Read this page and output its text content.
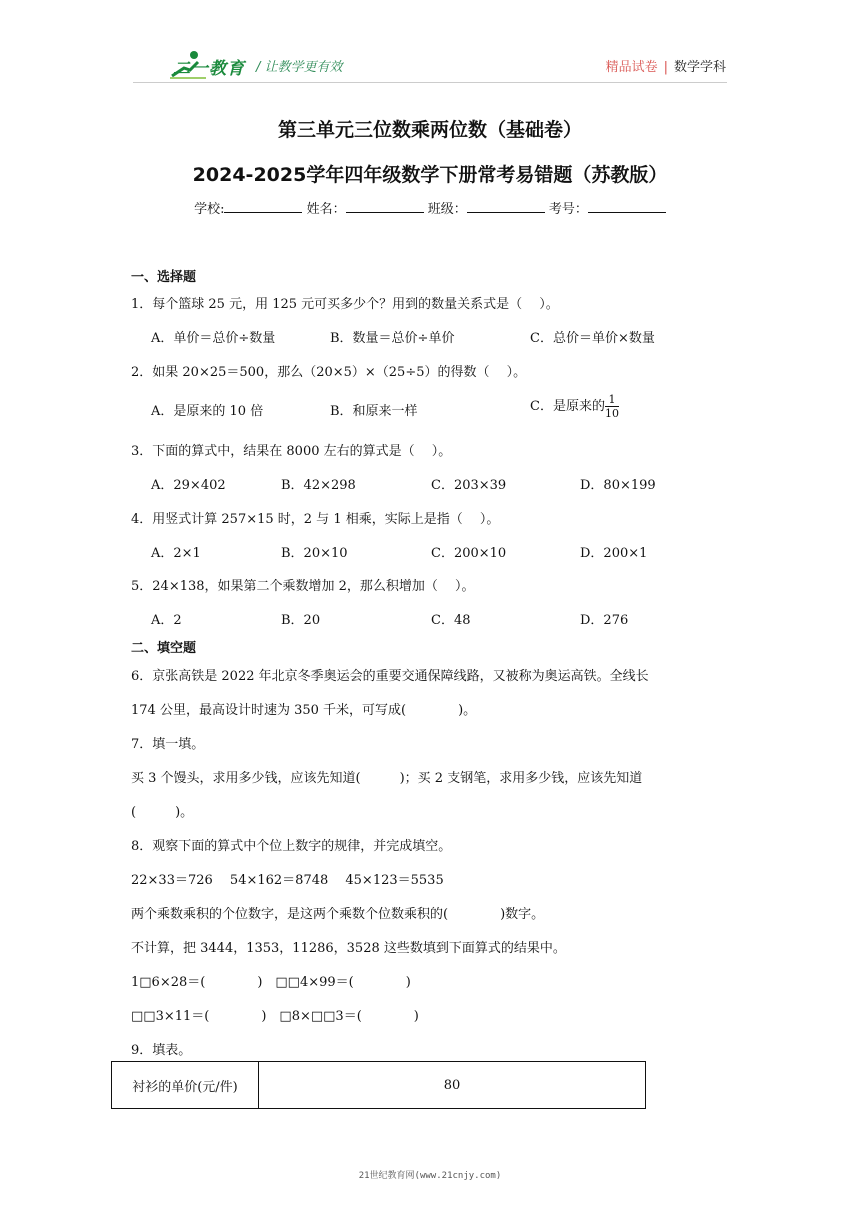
二一教育 / 让教学更有效	精品试卷 | 数学学科
第三单元三位数乘两位数（基础卷）
2024-2025学年四年级数学下册常考易错题（苏教版）
学校:	姓名：	班级：	考号：
一、选择题
1．每个篮球 25 元，用 125 元可买多少个？用到的数量关系式是（　 ）。
A．单价＝总价÷数量	B．数量＝总价÷单价	C．总价＝单价×数量
2．如果 20×25＝500，那么（20×5）×（25÷5）的得数（　 ）。
A．是原来的 10 倍	B．和原来一样	C．是原来的 $\frac{1}{10}$
3．下面的算式中，结果在 8000 左右的算式是（　 ）。
A．29×402	B．42×298	C．203×39	D．80×199
4．用竖式计算 257×15 时，2 与 1 相乘，实际上是指（　 ）。
A．2×1	B．20×10	C．200×10	D．200×1
5．24×138，如果第二个乘数增加 2，那么积增加（　 ）。
A．2	B．20	C．48	D．276
二、填空题
6．京张高铁是 2022 年北京冬季奥运会的重要交通保障线路，又被称为奥运高铁。全线长
174 公里，最高设计时速为 350 千米，可写成(　　　　)。
7．填一填。
买 3 个馒头，求用多少钱，应该先知道(　　　)；买 2 支钢笔，求用多少钱，应该先知道
(　　　)。
8．观察下面的算式中个位上数字的规律，并完成填空。
22×33＝726　 54×162＝8748　 45×123＝5535
两个乘数乘积的个位数字，是这两个乘数个位数乘积的(　　　　)数字。
不计算，把 3444，1353，11286，3528 这些数填到下面算式的结果中。
1□6×28＝(　　　　)　□□4×99＝(　　　　)
□□3×11＝(　　　　)　□8×□□3＝(　　　　)
9．填表。
衬衫的单价(元/件)	80
21世纪教育网(www.21cnjy.com)
